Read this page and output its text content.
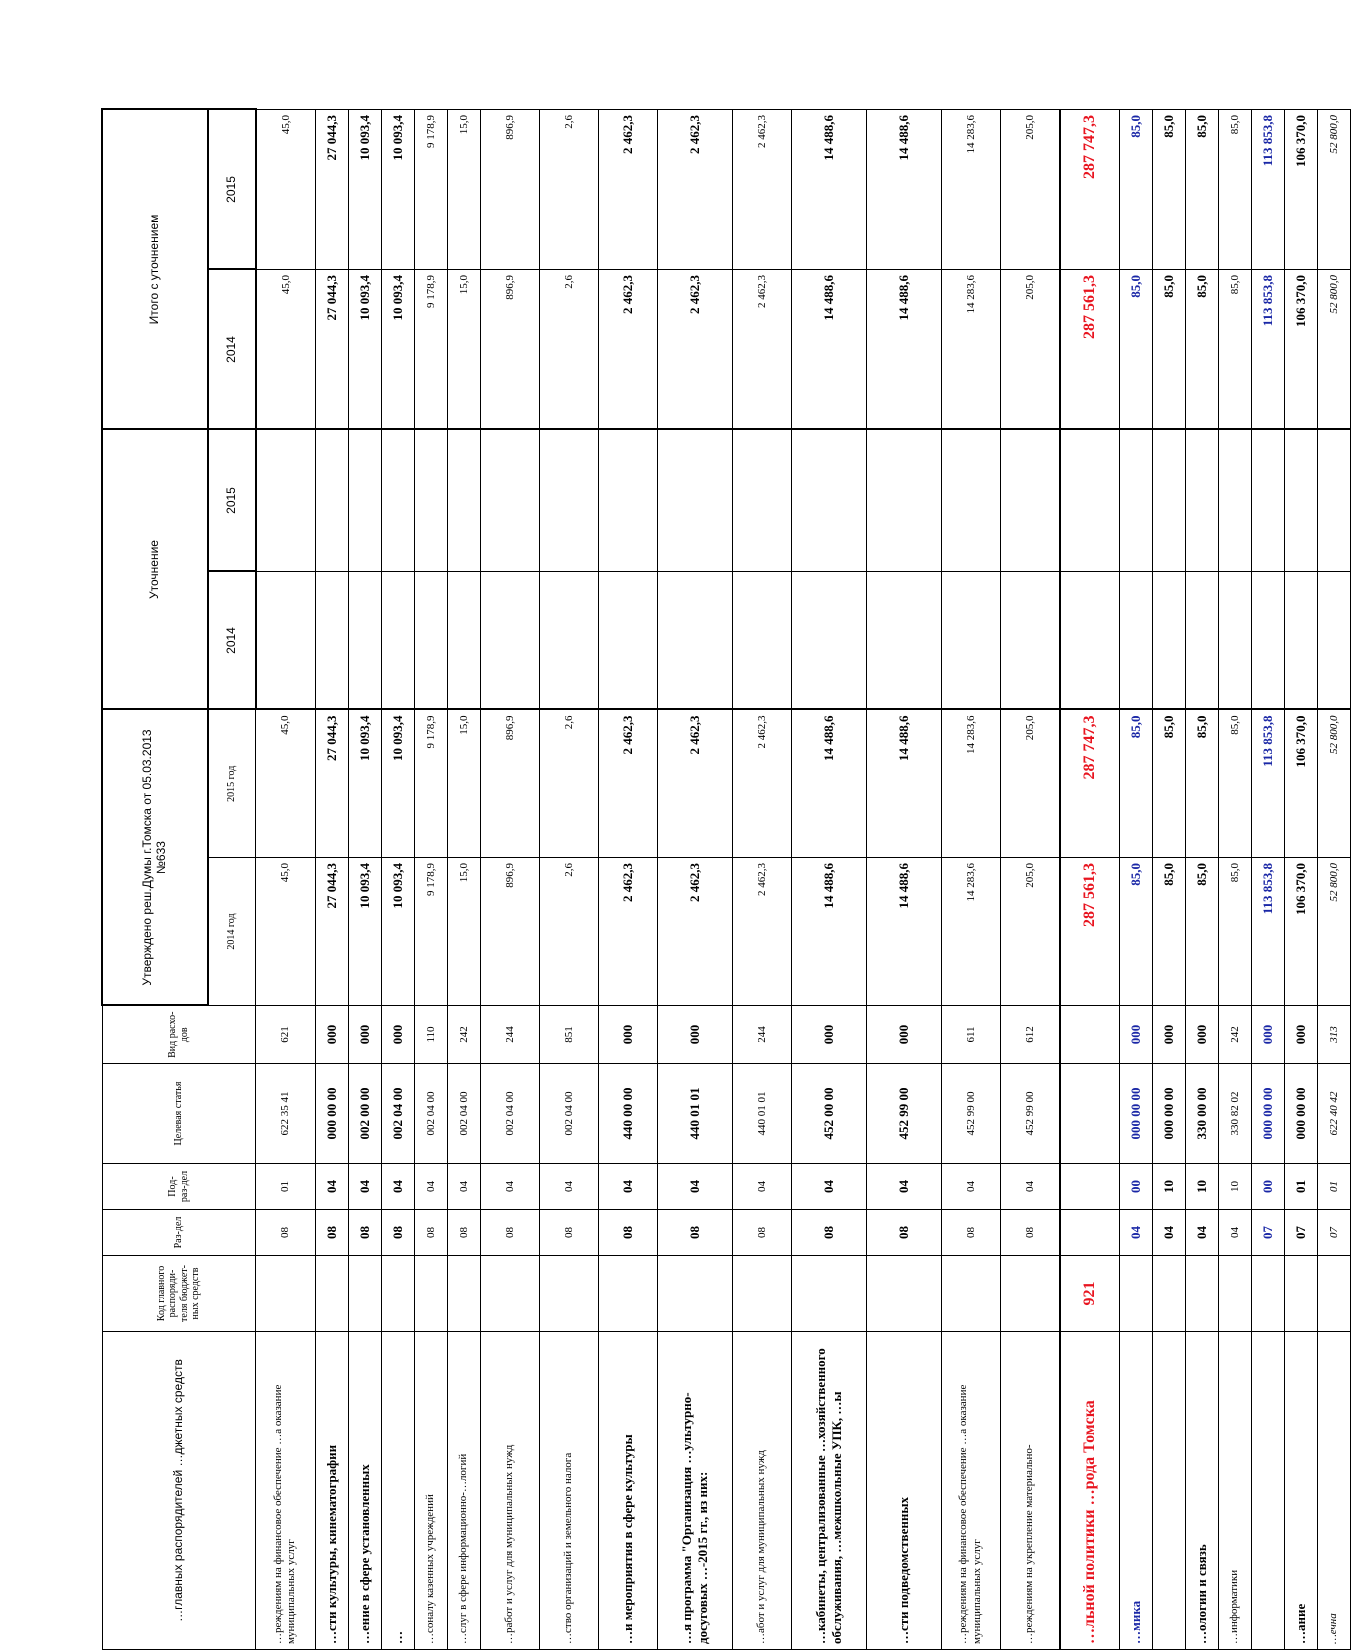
…главных распорядителей …джетных средств	Код главного распоряди-теля бюджет-ных средств	Раз-дел	Под-раз-дел	Целевая статья	Вид расхо-дов	Утверждено реш.Думы г.Томска от 05.03.2013 №633		Уточнение		Итого с уточнением	
						2014 год	2015 год	2014	2015	2014	2015
…реждениям на финансовое обеспечение …а оказание муниципальных услуг		08	01	622 35 41	621	45,0	45,0			45,0	45,0
…сти культуры, кинематографии		08	04	000 00 00	000	27 044,3	27 044,3			27 044,3	27 044,3
…ение в сфере установленных		08	04	002 00 00	000	10 093,4	10 093,4			10 093,4	10 093,4
…		08	04	002 04 00	000	10 093,4	10 093,4			10 093,4	10 093,4
…соналу казенных учреждений		08	04	002 04 00	110	9 178,9	9 178,9			9 178,9	9 178,9
…слуг в сфере информационно-…логий		08	04	002 04 00	242	15,0	15,0			15,0	15,0
…работ и услуг для муниципальных нужд		08	04	002 04 00	244	896,9	896,9			896,9	896,9
…ство организаций и земельного налога		08	04	002 04 00	851	2,6	2,6			2,6	2,6
…и мероприятия в сфере культуры		08	04	440 00 00	000	2 462,3	2 462,3			2 462,3	2 462,3
…я программа "Организация …ультурно-досуговых …-2015 гг., из них:		08	04	440 01 01	000	2 462,3	2 462,3			2 462,3	2 462,3
…абот и услуг для муниципальных нужд		08	04	440 01 01	244	2 462,3	2 462,3			2 462,3	2 462,3
…кабинеты, централизованные …хозяйственного обслуживания, …межшкольные УПК, …ы		08	04	452 00 00	000	14 488,6	14 488,6			14 488,6	14 488,6
…сти подведомственных		08	04	452 99 00	000	14 488,6	14 488,6			14 488,6	14 488,6
…реждениям на финансовое обеспечение …а оказание муниципальных услуг		08	04	452 99 00	611	14 283,6	14 283,6			14 283,6	14 283,6
…реждениям на укрепление материально-		08	04	452 99 00	612	205,0	205,0			205,0	205,0
…льной политики …рода Томска	921					287 561,3	287 747,3			287 561,3	287 747,3
…мика		04	00	000 00 00	000	85,0	85,0			85,0	85,0
		04	10	000 00 00	000	85,0	85,0			85,0	85,0
…ологии и связь		04	10	330 00 00	000	85,0	85,0			85,0	85,0
…информатики		04	10	330 82 02	242	85,0	85,0			85,0	85,0
		07	00	000 00 00	000	113 853,8	113 853,8			113 853,8	113 853,8
…ание		07	01	000 00 00	000	106 370,0	106 370,0			106 370,0	106 370,0
…ечна		07	01	622 40 42	313	52 800,0	52 800,0			52 800,0	52 800,0
